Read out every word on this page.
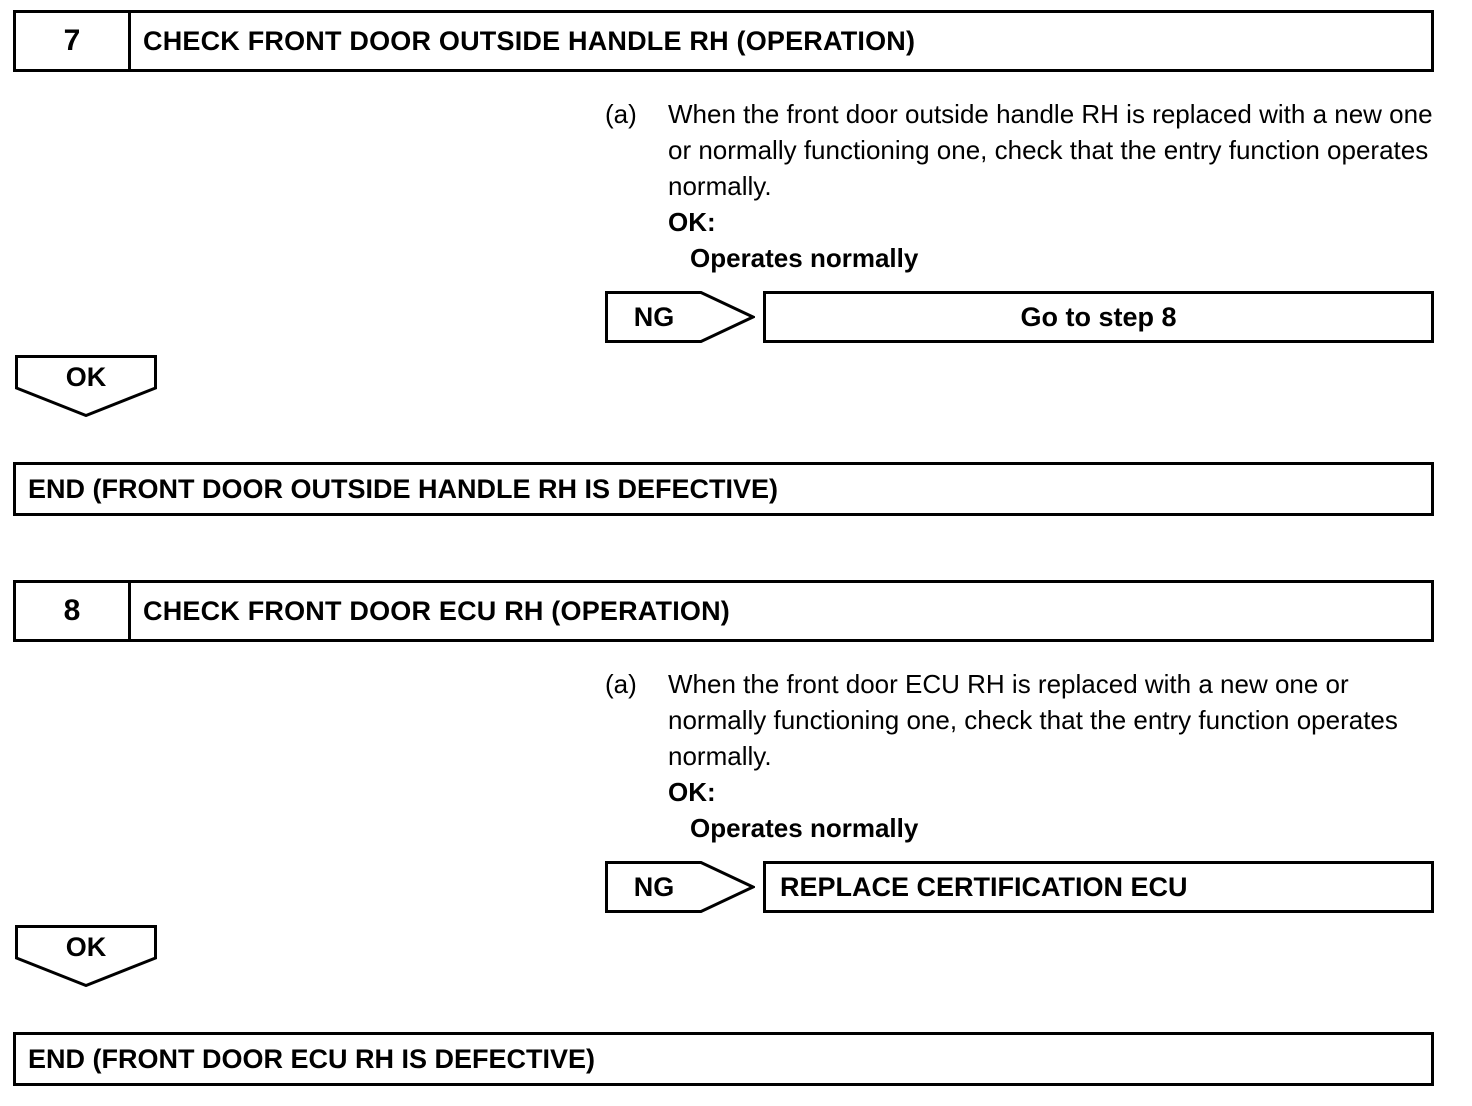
7	CHECK FRONT DOOR OUTSIDE HANDLE RH (OPERATION)
(a)	When the front door outside handle RH is replaced with a new one or normally functioning one, check that the entry function operates normally.
OK:
Operates normally
NG	Go to step 8
OK
END (FRONT DOOR OUTSIDE HANDLE RH IS DEFECTIVE)
8	CHECK FRONT DOOR ECU RH (OPERATION)
(a)	When the front door ECU RH is replaced with a new one or normally functioning one, check that the entry function operates normally.
OK:
Operates normally
NG	REPLACE CERTIFICATION ECU
OK
END (FRONT DOOR ECU RH IS DEFECTIVE)
